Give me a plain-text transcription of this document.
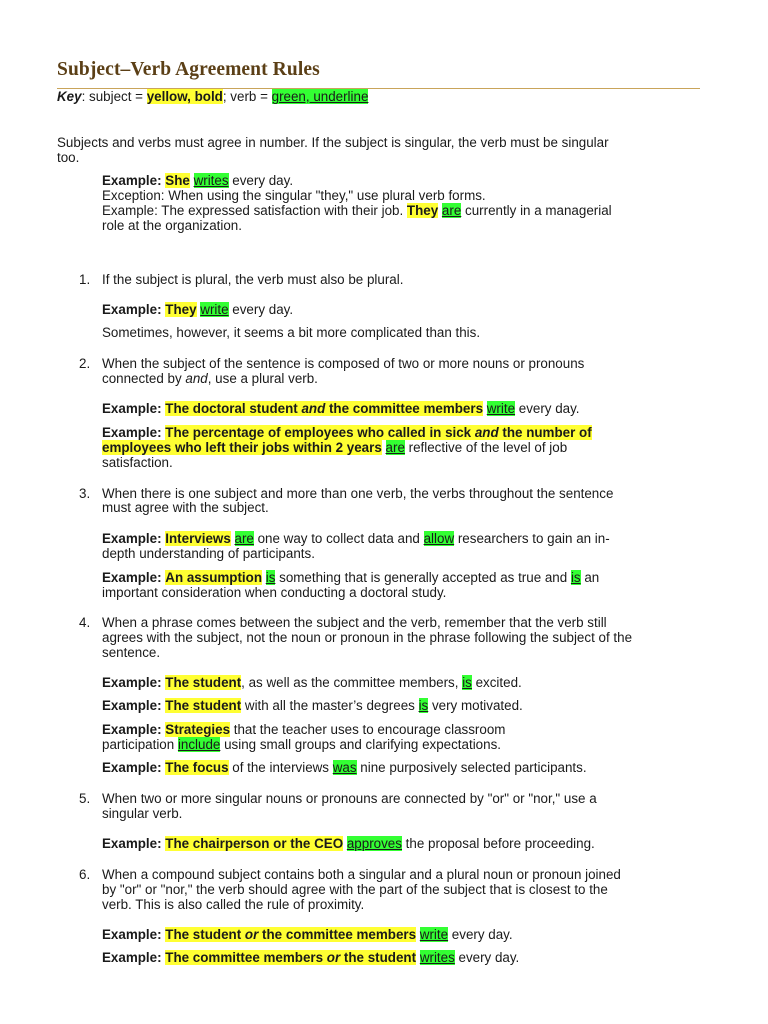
Subject–Verb Agreement Rules
Key: subject = yellow, bold; verb = green, underline
Subjects and verbs must agree in number. If the subject is singular, the verb must be singular
too.
Example: She writes every day.
Exception: When using the singular "they," use plural verb forms.
Example: The expressed satisfaction with their job. They are currently in a managerial
role at the organization.
1. If the subject is plural, the verb must also be plural.
Example: They write every day.
Sometimes, however, it seems a bit more complicated than this.
2. When the subject of the sentence is composed of two or more nouns or pronouns
connected by and, use a plural verb.
Example: The doctoral student and the committee members write every day.
Example: The percentage of employees who called in sick and the number of
employees who left their jobs within 2 years are reflective of the level of job
satisfaction.
3. When there is one subject and more than one verb, the verbs throughout the sentence
must agree with the subject.
Example: Interviews are one way to collect data and allow researchers to gain an in-
depth understanding of participants.
Example: An assumption is something that is generally accepted as true and is an
important consideration when conducting a doctoral study.
4. When a phrase comes between the subject and the verb, remember that the verb still
agrees with the subject, not the noun or pronoun in the phrase following the subject of the
sentence.
Example: The student, as well as the committee members, is excited.
Example: The student with all the master’s degrees is very motivated.
Example: Strategies that the teacher uses to encourage classroom
participation include using small groups and clarifying expectations.
Example: The focus of the interviews was nine purposively selected participants.
5. When two or more singular nouns or pronouns are connected by "or" or "nor," use a
singular verb.
Example: The chairperson or the CEO approves the proposal before proceeding.
6. When a compound subject contains both a singular and a plural noun or pronoun joined
by "or" or "nor," the verb should agree with the part of the subject that is closest to the
verb. This is also called the rule of proximity.
Example: The student or the committee members write every day.
Example: The committee members or the student writes every day.
